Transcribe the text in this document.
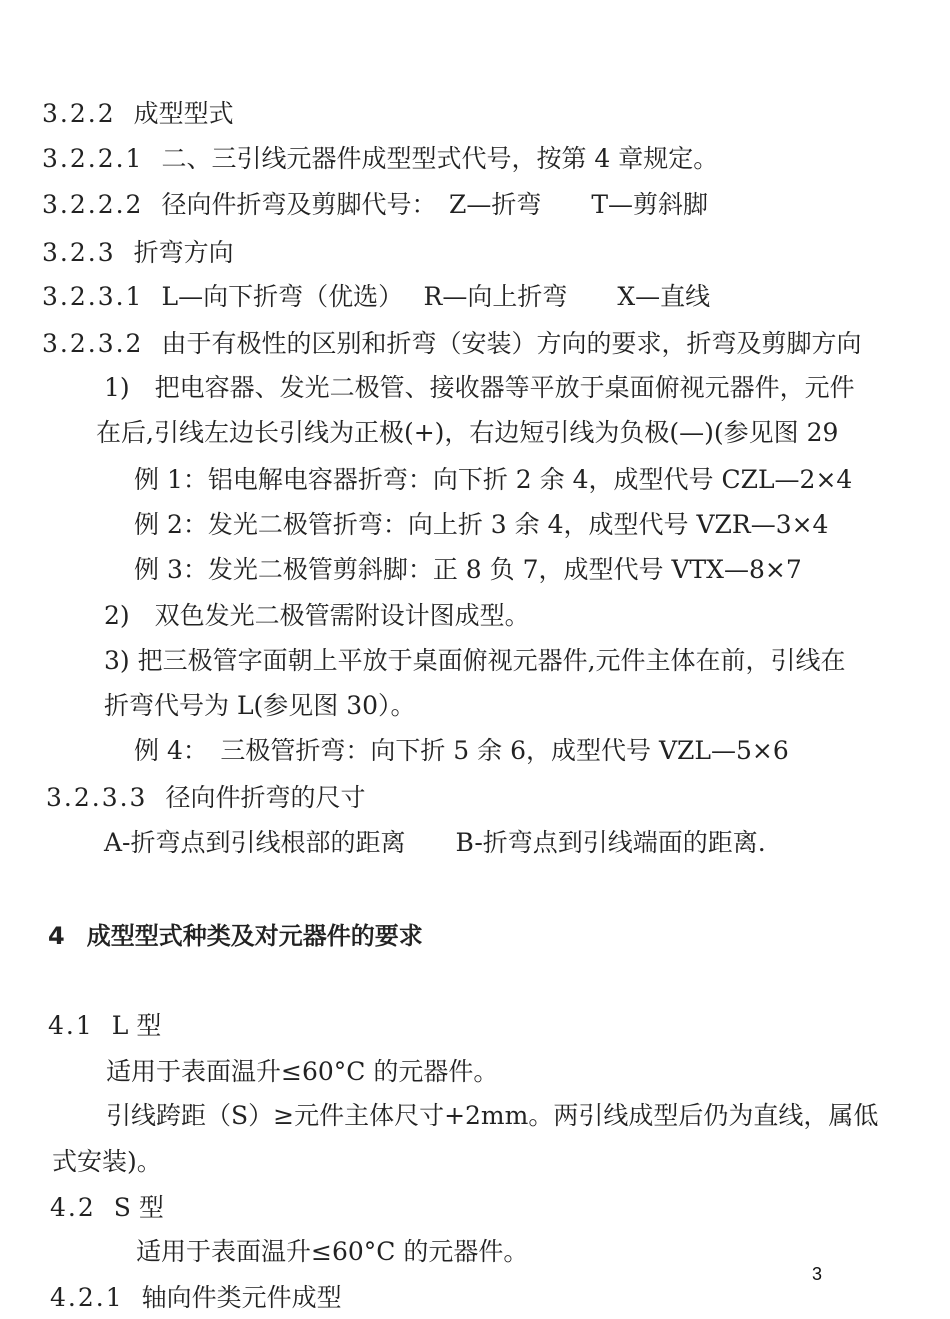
3.2.2 成型型式

3.2.2.1 二、三引线元器件成型型式代号，按第 4 章规定。

3.2.2.2 径向件折弯及剪脚代号：　Z—折弯　　T—剪斜脚

3.2.3 折弯方向

3.2.3.1 L—向下折弯（优选）　 R—向上折弯　　X—直线

3.2.3.2 由于有极性的区别和折弯（安装）方向的要求，折弯及剪脚方向

1)　把电容器、发光二极管、接收器等平放于桌面俯视元器件，元件

在后,引线左边长引线为正极(+)，右边短引线为负极(—)(参见图 29

例 1：铝电解电容器折弯：向下折 2 余 4，成型代号 CZL—2×4

例 2：发光二极管折弯：向上折 3 余 4，成型代号 VZR—3×4

例 3：发光二极管剪斜脚：正 8 负 7，成型代号 VTX—8×7

2)　双色发光二极管需附设计图成型。

3) 把三极管字面朝上平放于桌面俯视元器件,元件主体在前，引线在

折弯代号为 L(参见图 30）。

例 4：　三极管折弯：向下折 5 余 6，成型代号 VZL—5×6

3.2.3.3 径向件折弯的尺寸

A-折弯点到引线根部的距离　　B-折弯点到引线端面的距离.

4 成型型式种类及对元器件的要求

4.1 L 型

适用于表面温升≤60°C 的元器件。

引线跨距（S）≥元件主体尺寸+2mm。两引线成型后仍为直线，属低

式安装)。

4.2 S 型

适用于表面温升≤60°C 的元器件。

4.2.1 轴向件类元件成型

3
